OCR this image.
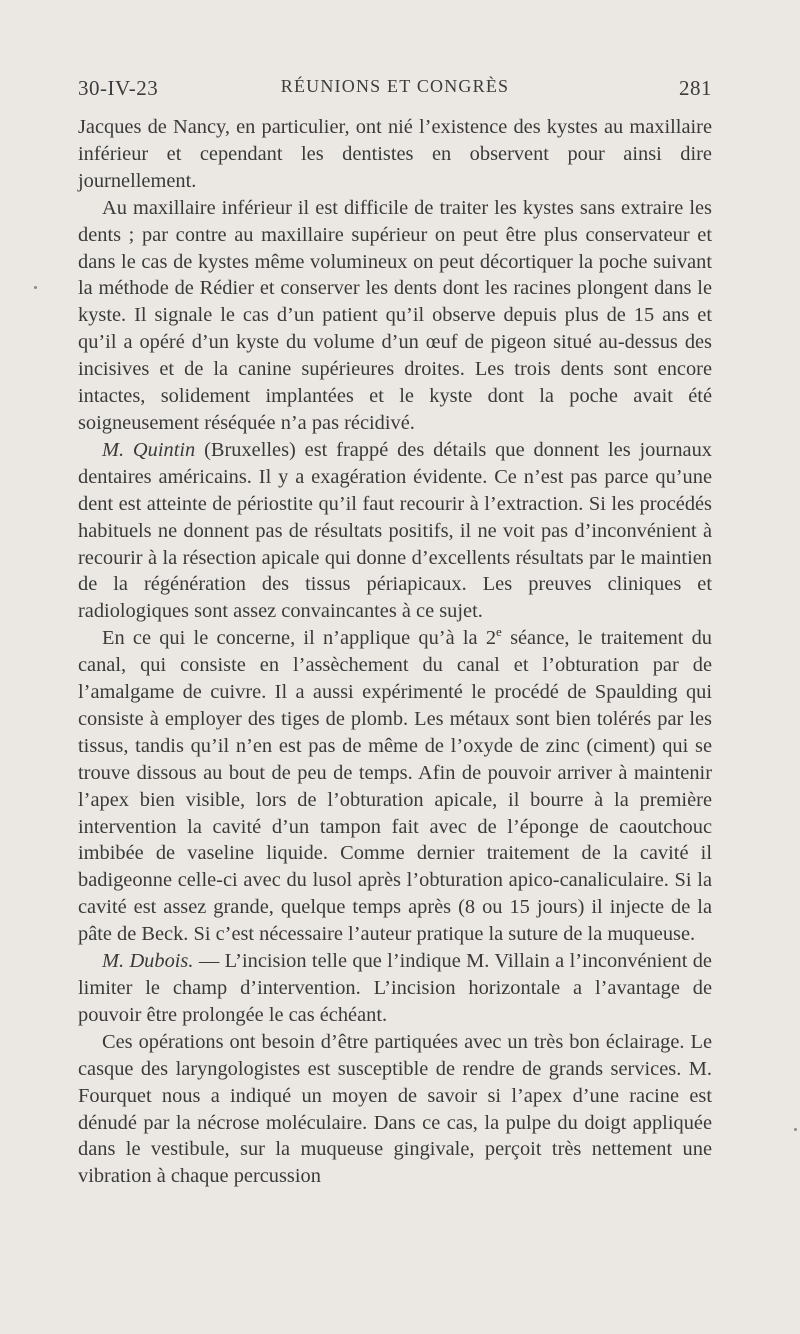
30-IV-23	RÉUNIONS ET CONGRÈS	281

Jacques de Nancy, en particulier, ont nié l’existence des kystes au maxillaire inférieur et cependant les dentistes en observent pour ainsi dire journellement.

Au maxillaire inférieur il est difficile de traiter les kystes sans extraire les dents ; par contre au maxillaire supérieur on peut être plus conservateur et dans le cas de kystes même volumineux on peut décortiquer la poche suivant la méthode de Rédier et conserver les dents dont les racines plongent dans le kyste. Il signale le cas d’un patient qu’il observe depuis plus de 15 ans et qu’il a opéré d’un kyste du volume d’un œuf de pigeon situé au-dessus des incisives et de la canine supérieures droites. Les trois dents sont encore intactes, solidement implantées et le kyste dont la poche avait été soigneusement réséquée n’a pas récidivé.

M. Quintin (Bruxelles) est frappé des détails que donnent les journaux dentaires américains. Il y a exagération évidente. Ce n’est pas parce qu’une dent est atteinte de périostite qu’il faut recourir à l’extraction. Si les procédés habituels ne donnent pas de résultats positifs, il ne voit pas d’inconvénient à recourir à la résection apicale qui donne d’excellents résultats par le maintien de la régénération des tissus périapicaux. Les preuves cliniques et radiologiques sont assez convaincantes à ce sujet.

En ce qui le concerne, il n’applique qu’à la 2e séance, le traitement du canal, qui consiste en l’assèchement du canal et l’obturation par de l’amalgame de cuivre. Il a aussi expérimenté le procédé de Spaulding qui consiste à employer des tiges de plomb. Les métaux sont bien tolérés par les tissus, tandis qu’il n’en est pas de même de l’oxyde de zinc (ciment) qui se trouve dissous au bout de peu de temps. Afin de pouvoir arriver à maintenir l’apex bien visible, lors de l’obturation apicale, il bourre à la première intervention la cavité d’un tampon fait avec de l’éponge de caoutchouc imbibée de vaseline liquide. Comme dernier traitement de la cavité il badigeonne celle-ci avec du lusol après l’obturation apico-canaliculaire. Si la cavité est assez grande, quelque temps après (8 ou 15 jours) il injecte de la pâte de Beck. Si c’est nécessaire l’auteur pratique la suture de la muqueuse.

M. Dubois. — L’incision telle que l’indique M. Villain a l’inconvénient de limiter le champ d’intervention. L’incision horizontale a l’avantage de pouvoir être prolongée le cas échéant.

Ces opérations ont besoin d’être partiquées avec un très bon éclairage. Le casque des laryngologistes est susceptible de rendre de grands services. M. Fourquet nous a indiqué un moyen de savoir si l’apex d’une racine est dénudé par la nécrose moléculaire. Dans ce cas, la pulpe du doigt appliquée dans le vestibule, sur la muqueuse gingivale, perçoit très nettement une vibration à chaque percussion
